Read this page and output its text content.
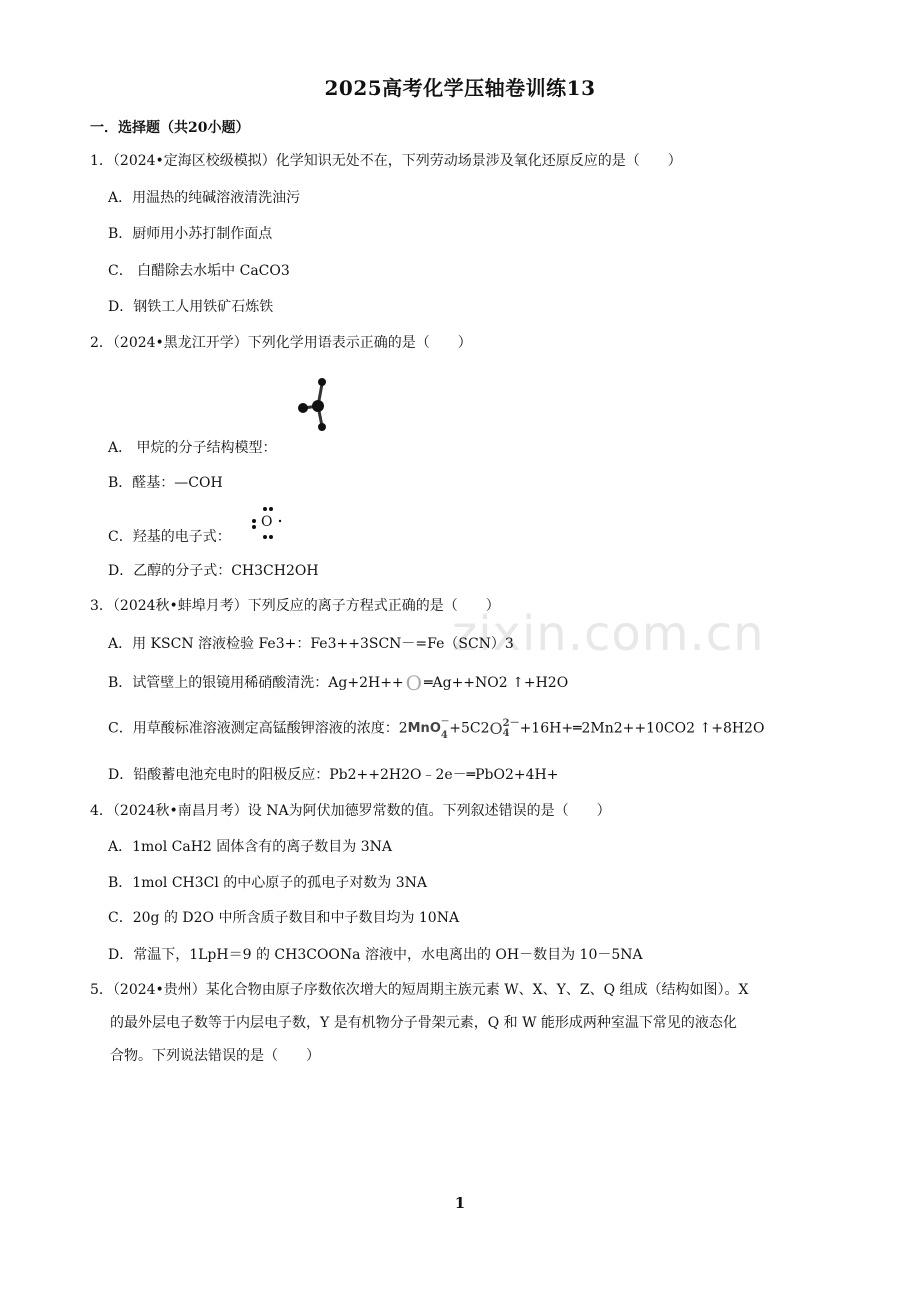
zixin.com.cn
2025高考化学压轴卷训练13
一．选择题（共20小题）
1．（2024•定海区校级模拟）化学知识无处不在，下列劳动场景涉及氧化还原反应的是（　　）
A．用温热的纯碱溶液清洗油污
B．厨师用小苏打制作面点
C． 白醋除去水垢中 CaCO3
D．钢铁工人用铁矿石炼铁
2．（2024•黑龙江开学）下列化学用语表示正确的是（　　）
A． 甲烷的分子结构模型：
B．醛基：—COH
C．羟基的电子式：
O
D．乙醇的分子式：CH3CH2OH
3．（2024秋•蚌埠月考）下列反应的离子方程式正确的是（　　）
A．用 KSCN 溶液检验 Fe3+：Fe3++3SCN－=Fe（SCN）3
B．试管壁上的银镜用稀硝酸清洗：Ag+2H++ O ═Ag++NO2 ↑+H2O
C．用草酸标准溶液测定高锰酸钾溶液的浓度：2MnO－
4+5C2O2－
4 +16H+═2Mn2++10CO2 ↑+8H2O
D．铅酸蓄电池充电时的阳极反应：Pb2++2H2O﹣2e－═PbO2+4H+
4．（2024秋•南昌月考）设 NA为阿伏加德罗常数的值。下列叙述错误的是（　　）
A．1mol CaH2 固体含有的离子数目为 3NA
B．1mol CH3Cl 的中心原子的孤电子对数为 3NA
C．20g 的 D2O 中所含质子数目和中子数目均为 10NA
D．常温下，1LpH＝9 的 CH3COONa 溶液中，水电离出的 OH－数目为 10－5NA
5．（2024•贵州）某化合物由原子序数依次增大的短周期主族元素 W、X、Y、Z、Q 组成（结构如图）。X
的最外层电子数等于内层电子数，Y 是有机物分子骨架元素，Q 和 W 能形成两种室温下常见的液态化
合物。下列说法错误的是（　　）
1
